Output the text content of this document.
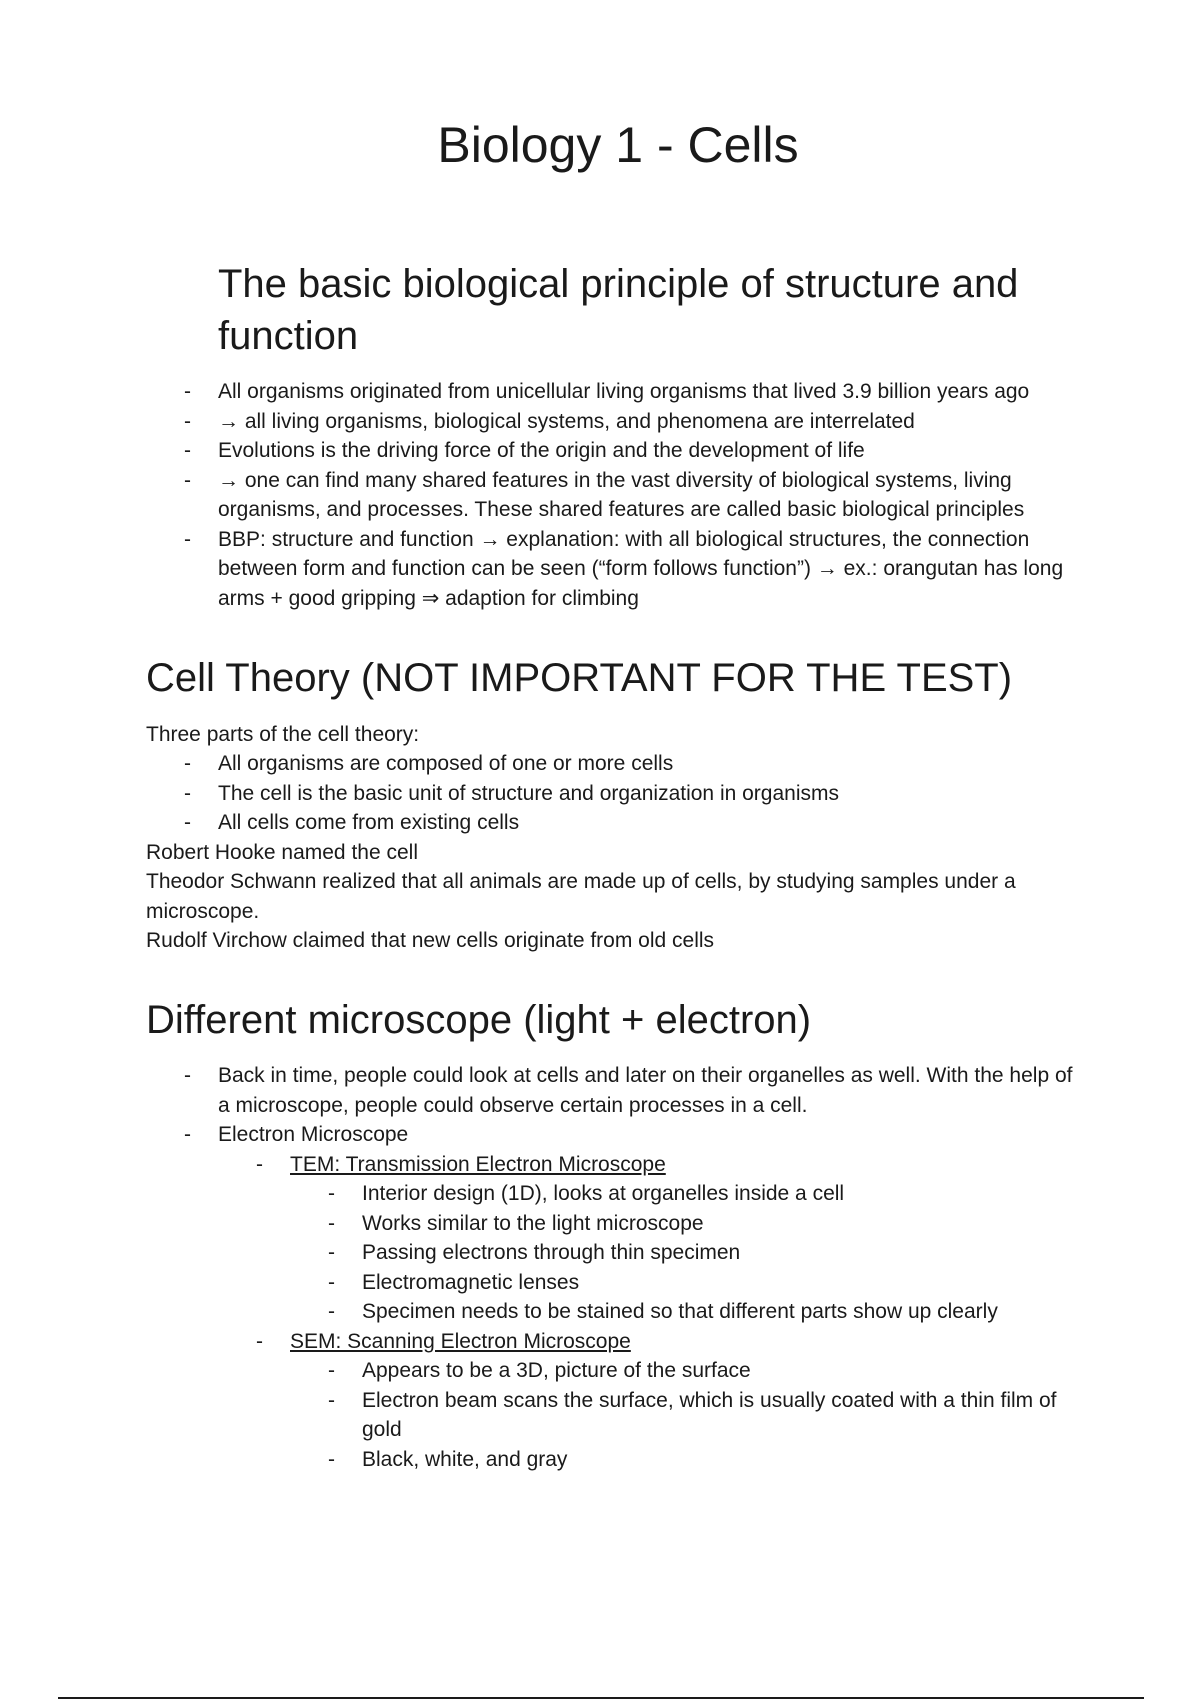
Biology 1 - Cells
The basic biological principle of structure and function
- All organisms originated from unicellular living organisms that lived 3.9 billion years ago
- → all living organisms, biological systems, and phenomena are interrelated
- Evolutions is the driving force of the origin and the development of life
- → one can find many shared features in the vast diversity of biological systems, living organisms, and processes. These shared features are called basic biological principles
- BBP: structure and function → explanation: with all biological structures, the connection between form and function can be seen (“form follows function”) → ex.: orangutan has long arms + good gripping ⇒ adaption for climbing
Cell Theory (NOT IMPORTANT FOR THE TEST)

Three parts of the cell theory:

- All organisms are composed of one or more cells
- The cell is the basic unit of structure and organization in organisms
- All cells come from existing cells

Robert Hooke named the cell

Theodor Schwann realized that all animals are made up of cells, by studying samples under a microscope.

Rudolf Virchow claimed that new cells originate from old cells

Different microscope (light + electron)
- Back in time, people could look at cells and later on their organelles as well. With the help of a microscope, people could observe certain processes in a cell.
- Electron Microscope
- TEM: Transmission Electron Microscope
- Interior design (1D), looks at organelles inside a cell
- Works similar to the light microscope
- Passing electrons through thin specimen
- Electromagnetic lenses
- Specimen needs to be stained so that different parts show up clearly
- SEM: Scanning Electron Microscope
- Appears to be a 3D, picture of the surface
- Electron beam scans the surface, which is usually coated with a thin film of gold
- Black, white, and gray
